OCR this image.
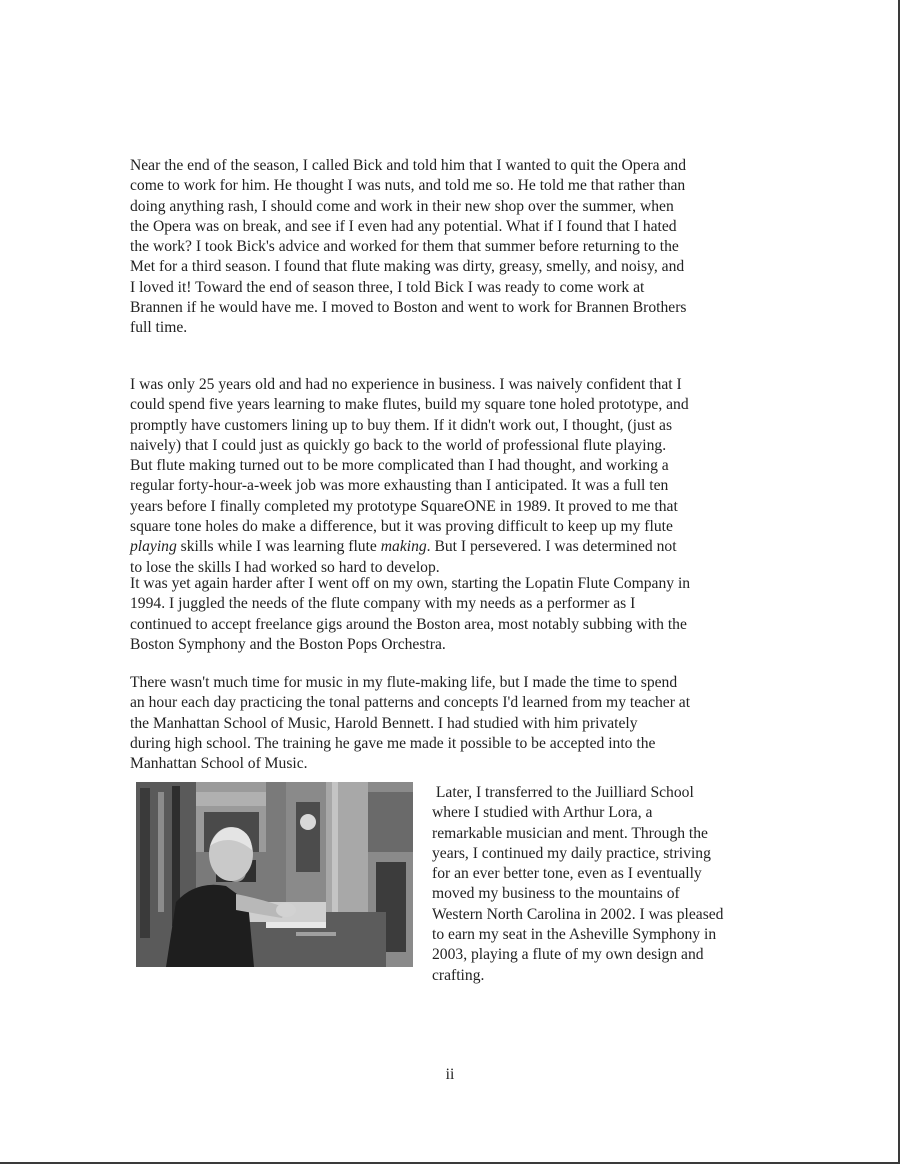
Near the end of the season, I called Bick and told him that I wanted to quit the Opera and
come to work for him. He thought I was nuts, and told me so. He told me that rather than
doing anything rash, I should come and work in their new shop over the summer, when
the Opera was on break, and see if I even had any potential. What if I found that I hated
the work? I took Bick's advice and worked for them that summer before returning to the
Met for a third season. I found that flute making was dirty, greasy, smelly, and noisy, and
I loved it! Toward the end of season three, I told Bick I was ready to come work at
Brannen if he would have me. I moved to Boston and went to work for Brannen Brothers
full time.

I was only 25 years old and had no experience in business. I was naively confident that I
could spend five years learning to make flutes, build my square tone holed prototype, and
promptly have customers lining up to buy them. If it didn't work out, I thought, (just as
naively) that I could just as quickly go back to the world of professional flute playing.
But flute making turned out to be more complicated than I had thought, and working a
regular forty-hour-a-week job was more exhausting than I anticipated. It was a full ten
years before I finally completed my prototype SquareONE in 1989. It proved to me that
square tone holes do make a difference, but it was proving difficult to keep up my flute
playing skills while I was learning flute making. But I persevered. I was determined not
to lose the skills I had worked so hard to develop.

It was yet again harder after I went off on my own, starting the Lopatin Flute Company in
1994. I juggled the needs of the flute company with my needs as a performer as I
continued to accept freelance gigs around the Boston area, most notably subbing with the
Boston Symphony and the Boston Pops Orchestra.

There wasn't much time for music in my flute-making life, but I made the time to spend
an hour each day practicing the tonal patterns and concepts I'd learned from my teacher at
the Manhattan School of Music, Harold Bennett. I had studied with him privately
during high school. The training he gave me made it possible to be accepted into the
Manhattan School of Music.

Later, I transferred to the Juilliard School
where I studied with Arthur Lora, a
remarkable musician and ment. Through the
years, I continued my daily practice, striving
for an ever better tone, even as I eventually
moved my business to the mountains of
Western North Carolina in 2002. I was pleased
to earn my seat in the Asheville Symphony in
2003, playing a flute of my own design and
crafting.

ii
